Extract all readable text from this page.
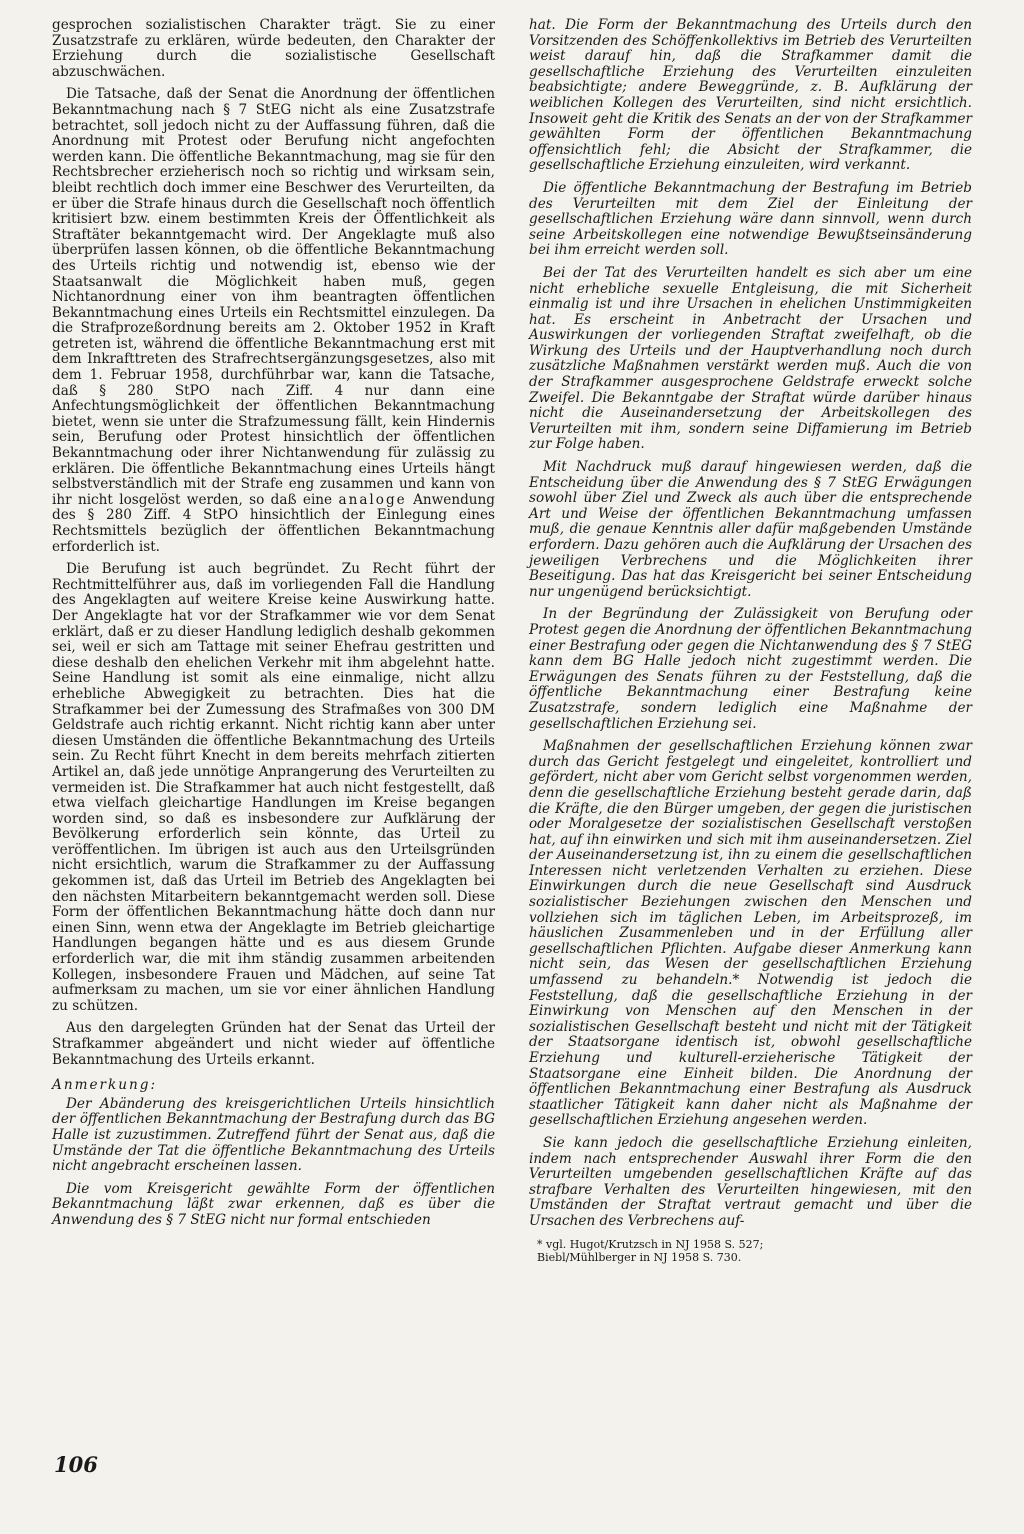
gesprochen sozialistischen Charakter trägt. Sie zu einer Zusatzstrafe zu erklären, würde bedeuten, den Charakter der Erziehung durch die sozialistische Gesellschaft abzuschwächen.

Die Tatsache, daß der Senat die Anordnung der öffentlichen Bekanntmachung nach § 7 StEG nicht als eine Zusatzstrafe betrachtet, soll jedoch nicht zu der Auffassung führen, daß die Anordnung mit Protest oder Berufung nicht angefochten werden kann. Die öffentliche Bekanntmachung, mag sie für den Rechtsbrecher erzieherisch noch so richtig und wirksam sein, bleibt rechtlich doch immer eine Beschwer des Verurteilten, da er über die Strafe hinaus durch die Gesellschaft noch öffentlich kritisiert bzw. einem bestimmten Kreis der Öffentlichkeit als Straftäter bekanntgemacht wird. Der Angeklagte muß also überprüfen lassen können, ob die öffentliche Bekanntmachung des Urteils richtig und notwendig ist, ebenso wie der Staatsanwalt die Möglichkeit haben muß, gegen Nichtanordnung einer von ihm beantragten öffentlichen Bekanntmachung eines Urteils ein Rechtsmittel einzulegen. Da die Strafprozeßordnung bereits am 2. Oktober 1952 in Kraft getreten ist, während die öffentliche Bekanntmachung erst mit dem Inkrafttreten des Strafrechtsergänzungsgesetzes, also mit dem 1. Februar 1958, durchführbar war, kann die Tatsache, daß § 280 StPO nach Ziff. 4 nur dann eine Anfechtungsmöglichkeit der öffentlichen Bekanntmachung bietet, wenn sie unter die Strafzumessung fällt, kein Hindernis sein, Berufung oder Protest hinsichtlich der öffentlichen Bekanntmachung oder ihrer Nichtanwendung für zulässig zu erklären. Die öffentliche Bekanntmachung eines Urteils hängt selbstverständlich mit der Strafe eng zusammen und kann von ihr nicht losgelöst werden, so daß eine analoge Anwendung des § 280 Ziff. 4 StPO hinsichtlich der Einlegung eines Rechtsmittels bezüglich der öffentlichen Bekanntmachung erforderlich ist.

Die Berufung ist auch begründet. Zu Recht führt der Rechtmittelführer aus, daß im vorliegenden Fall die Handlung des Angeklagten auf weitere Kreise keine Auswirkung hatte. Der Angeklagte hat vor der Strafkammer wie vor dem Senat erklärt, daß er zu dieser Handlung lediglich deshalb gekommen sei, weil er sich am Tattage mit seiner Ehefrau gestritten und diese deshalb den ehelichen Verkehr mit ihm abgelehnt hatte. Seine Handlung ist somit als eine einmalige, nicht allzu erhebliche Abwegigkeit zu betrachten. Dies hat die Strafkammer bei der Zumessung des Strafmaßes von 300 DM Geldstrafe auch richtig erkannt. Nicht richtig kann aber unter diesen Umständen die öffentliche Bekanntmachung des Urteils sein. Zu Recht führt Knecht in dem bereits mehrfach zitierten Artikel an, daß jede unnötige Anprangerung des Verurteilten zu vermeiden ist. Die Strafkammer hat auch nicht festgestellt, daß etwa vielfach gleichartige Handlungen im Kreise begangen worden sind, so daß es insbesondere zur Aufklärung der Bevölkerung erforderlich sein könnte, das Urteil zu veröffentlichen. Im übrigen ist auch aus den Urteilsgründen nicht ersichtlich, warum die Strafkammer zu der Auffassung gekommen ist, daß das Urteil im Betrieb des Angeklagten bei den nächsten Mitarbeitern bekanntgemacht werden soll. Diese Form der öffentlichen Bekanntmachung hätte doch dann nur einen Sinn, wenn etwa der Angeklagte im Betrieb gleichartige Handlungen begangen hätte und es aus diesem Grunde erforderlich war, die mit ihm ständig zusammen arbeitenden Kollegen, insbesondere Frauen und Mädchen, auf seine Tat aufmerksam zu machen, um sie vor einer ähnlichen Handlung zu schützen.

Aus den dargelegten Gründen hat der Senat das Urteil der Strafkammer abgeändert und nicht wieder auf öffentliche Bekanntmachung des Urteils erkannt.

Anmerkung:

Der Abänderung des kreisgerichtlichen Urteils hinsichtlich der öffentlichen Bekanntmachung der Bestrafung durch das BG Halle ist zuzustimmen. Zutreffend führt der Senat aus, daß die Umstände der Tat die öffentliche Bekanntmachung des Urteils nicht angebracht erscheinen lassen.

Die vom Kreisgericht gewählte Form der öffentlichen Bekanntmachung läßt zwar erkennen, daß es über die Anwendung des § 7 StEG nicht nur formal entschieden

hat. Die Form der Bekanntmachung des Urteils durch den Vorsitzenden des Schöffenkollektivs im Betrieb des Verurteilten weist darauf hin, daß die Strafkammer damit die gesellschaftliche Erziehung des Verurteilten einzuleiten beabsichtigte; andere Beweggründe, z. B. Aufklärung der weiblichen Kollegen des Verurteilten, sind nicht ersichtlich. Insoweit geht die Kritik des Senats an der von der Strafkammer gewählten Form der öffentlichen Bekanntmachung offensichtlich fehl; die Absicht der Strafkammer, die gesellschaftliche Erziehung einzuleiten, wird verkannt.

Die öffentliche Bekanntmachung der Bestrafung im Betrieb des Verurteilten mit dem Ziel der Einleitung der gesellschaftlichen Erziehung wäre dann sinnvoll, wenn durch seine Arbeitskollegen eine notwendige Bewußtseinsänderung bei ihm erreicht werden soll.

Bei der Tat des Verurteilten handelt es sich aber um eine nicht erhebliche sexuelle Entgleisung, die mit Sicherheit einmalig ist und ihre Ursachen in ehelichen Unstimmigkeiten hat. Es erscheint in Anbetracht der Ursachen und Auswirkungen der vorliegenden Straftat zweifelhaft, ob die Wirkung des Urteils und der Hauptverhandlung noch durch zusätzliche Maßnahmen verstärkt werden muß. Auch die von der Strafkammer ausgesprochene Geldstrafe erweckt solche Zweifel. Die Bekanntgabe der Straftat würde darüber hinaus nicht die Auseinandersetzung der Arbeitskollegen des Verurteilten mit ihm, sondern seine Diffamierung im Betrieb zur Folge haben.

Mit Nachdruck muß darauf hingewiesen werden, daß die Entscheidung über die Anwendung des § 7 StEG Erwägungen sowohl über Ziel und Zweck als auch über die entsprechende Art und Weise der öffentlichen Bekanntmachung umfassen muß, die genaue Kenntnis aller dafür maßgebenden Umstände erfordern. Dazu gehören auch die Aufklärung der Ursachen des jeweiligen Verbrechens und die Möglichkeiten ihrer Beseitigung. Das hat das Kreisgericht bei seiner Entscheidung nur ungenügend berücksichtigt.

In der Begründung der Zulässigkeit von Berufung oder Protest gegen die Anordnung der öffentlichen Bekanntmachung einer Bestrafung oder gegen die Nichtanwendung des § 7 StEG kann dem BG Halle jedoch nicht zugestimmt werden. Die Erwägungen des Senats führen zu der Feststellung, daß die öffentliche Bekanntmachung einer Bestrafung keine Zusatzstrafe, sondern lediglich eine Maßnahme der gesellschaftlichen Erziehung sei.

Maßnahmen der gesellschaftlichen Erziehung können zwar durch das Gericht festgelegt und eingeleitet, kontrolliert und gefördert, nicht aber vom Gericht selbst vorgenommen werden, denn die gesellschaftliche Erziehung besteht gerade darin, daß die Kräfte, die den Bürger umgeben, der gegen die juristischen oder Moralgesetze der sozialistischen Gesellschaft verstoßen hat, auf ihn einwirken und sich mit ihm auseinandersetzen. Ziel der Auseinandersetzung ist, ihn zu einem die gesellschaftlichen Interessen nicht verletzenden Verhalten zu erziehen. Diese Einwirkungen durch die neue Gesellschaft sind Ausdruck sozialistischer Beziehungen zwischen den Menschen und vollziehen sich im täglichen Leben, im Arbeitsprozeß, im häuslichen Zusammenleben und in der Erfüllung aller gesellschaftlichen Pflichten. Aufgabe dieser Anmerkung kann nicht sein, das Wesen der gesellschaftlichen Erziehung umfassend zu behandeln.* Notwendig ist jedoch die Feststellung, daß die gesellschaftliche Erziehung in der Einwirkung von Menschen auf den Menschen in der sozialistischen Gesellschaft besteht und nicht mit der Tätigkeit der Staatsorgane identisch ist, obwohl gesellschaftliche Erziehung und kulturell-erzieherische Tätigkeit der Staatsorgane eine Einheit bilden. Die Anordnung der öffentlichen Bekanntmachung einer Bestrafung als Ausdruck staatlicher Tätigkeit kann daher nicht als Maßnahme der gesellschaftlichen Erziehung angesehen werden.

Sie kann jedoch die gesellschaftliche Erziehung einleiten, indem nach entsprechender Auswahl ihrer Form die den Verurteilten umgebenden gesellschaftlichen Kräfte auf das strafbare Verhalten des Verurteilten hingewiesen, mit den Umständen der Straftat vertraut gemacht und über die Ursachen des Verbrechens auf-

* vgl. Hugot/Krutzsch in NJ 1958 S. 527;
Biebl/Mühlberger in NJ 1958 S. 730.
106
